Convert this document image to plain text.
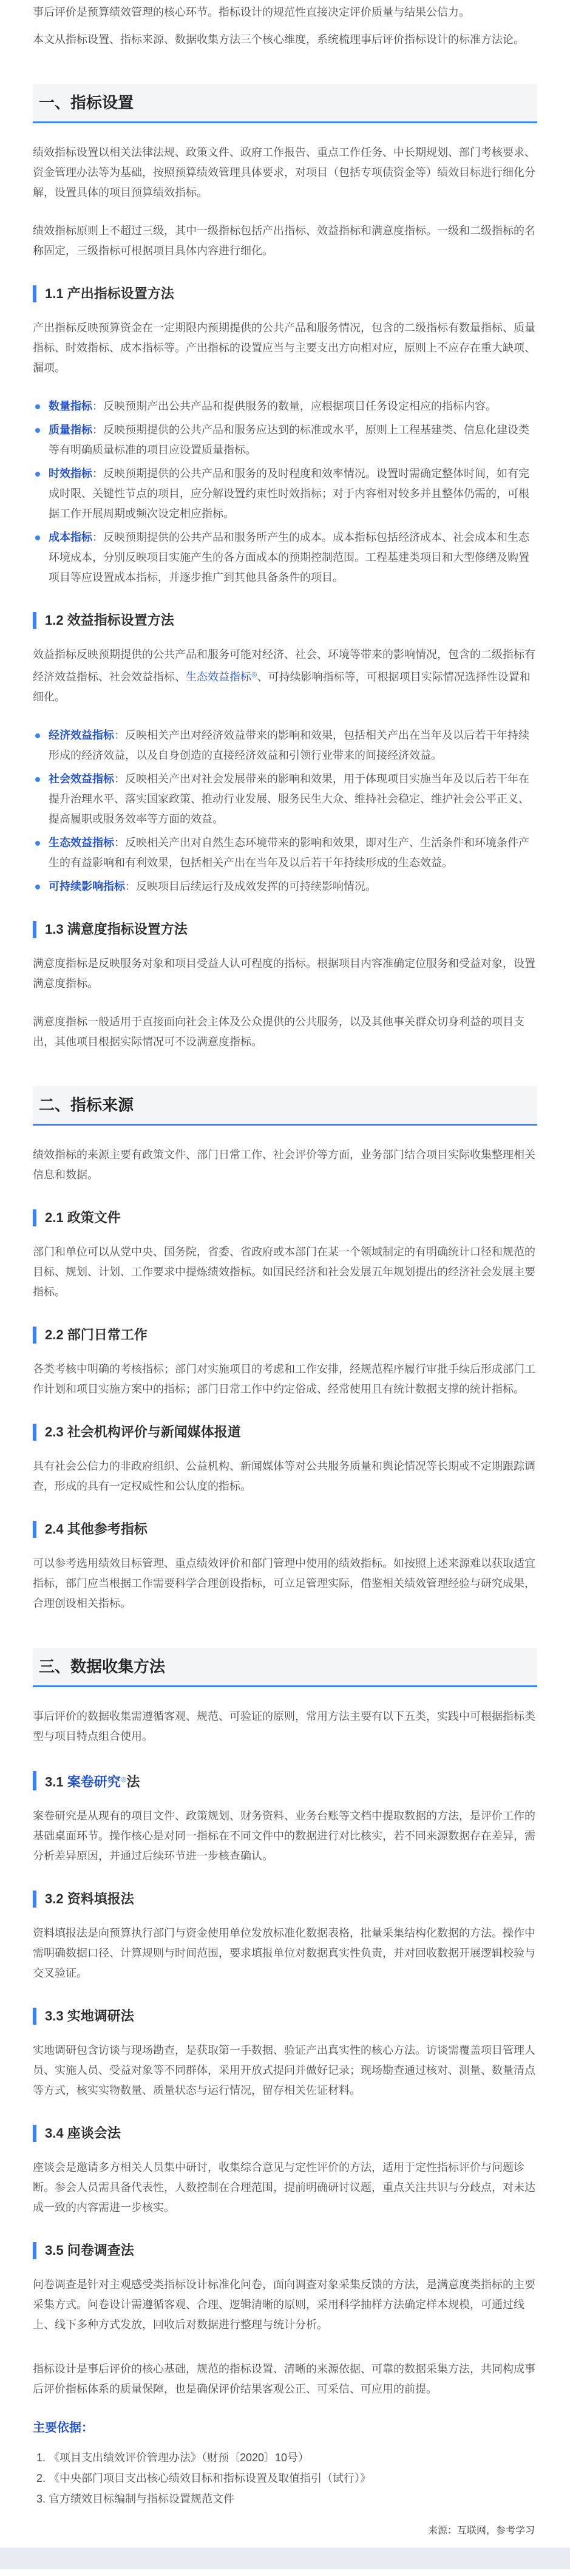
事后评价是预算绩效管理的核心环节。指标设计的规范性直接决定评价质量与结果公信力。

本文从指标设置、指标来源、数据收集方法三个核心维度，系统梳理事后评价指标设计的标准方法论。

一、指标设置

绩效指标设置以相关法律法规、政策文件、政府工作报告、重点工作任务、中长期规划、部门考核要求、资金管理办法等为基础，按照预算绩效管理具体要求，对项目（包括专项债资金等）绩效目标进行细化分解，设置具体的项目预算绩效指标。

绩效指标原则上不超过三级，其中一级指标包括产出指标、效益指标和满意度指标。一级和二级指标的名称固定，三级指标可根据项目具体内容进行细化。

1.1 产出指标设置方法

产出指标反映预算资金在一定期限内预期提供的公共产品和服务情况，包含的二级指标有数量指标、质量指标、时效指标、成本指标等。产出指标的设置应当与主要支出方向相对应，原则上不应存在重大缺项、漏项。

数量指标：反映预期产出公共产品和提供服务的数量，应根据项目任务设定相应的指标内容。
质量指标：反映预期提供的公共产品和服务应达到的标准或水平，原则上工程基建类、信息化建设类等有明确质量标准的项目应设置质量指标。
时效指标：反映预期提供的公共产品和服务的及时程度和效率情况。设置时需确定整体时间，如有完成时限、关键性节点的项目，应分解设置约束性时效指标；对于内容相对较多并且整体仍需的，可根据工作开展周期或频次设定相应指标。
成本指标：反映预期提供的公共产品和服务所产生的成本。成本指标包括经济成本、社会成本和生态环境成本，分别反映项目实施产生的各方面成本的预期控制范围。工程基建类项目和大型修缮及购置项目等应设置成本指标，并逐步推广到其他具备条件的项目。
1.2 效益指标设置方法

效益指标反映预期提供的公共产品和服务可能对经济、社会、环境等带来的影响情况，包含的二级指标有经济效益指标、社会效益指标、生态效益指标◎、可持续影响指标等，可根据项目实际情况选择性设置和细化。

经济效益指标：反映相关产出对经济效益带来的影响和效果，包括相关产出在当年及以后若干年持续形成的经济效益，以及自身创造的直接经济效益和引领行业带来的间接经济效益。
社会效益指标：反映相关产出对社会发展带来的影响和效果，用于体现项目实施当年及以后若干年在提升治理水平、落实国家政策、推动行业发展、服务民生大众、维持社会稳定、维护社会公平正义、提高履职或服务效率等方面的效益。
生态效益指标：反映相关产出对自然生态环境带来的影响和效果，即对生产、生活条件和环境条件产生的有益影响和有利效果，包括相关产出在当年及以后若干年持续形成的生态效益。
可持续影响指标：反映项目后续运行及成效发挥的可持续影响情况。
1.3 满意度指标设置方法

满意度指标是反映服务对象和项目受益人认可程度的指标。根据项目内容准确定位服务和受益对象，设置满意度指标。

满意度指标一般适用于直接面向社会主体及公众提供的公共服务，以及其他事关群众切身利益的项目支出，其他项目根据实际情况可不设满意度指标。

二、指标来源

绩效指标的来源主要有政策文件、部门日常工作、社会评价等方面，业务部门结合项目实际收集整理相关信息和数据。

2.1 政策文件

部门和单位可以从党中央、国务院，省委、省政府或本部门在某一个领域制定的有明确统计口径和规范的目标、规划、计划、工作要求中提炼绩效指标。如国民经济和社会发展五年规划提出的经济社会发展主要指标。

2.2 部门日常工作

各类考核中明确的考核指标；部门对实施项目的考虑和工作安排，经规范程序履行审批手续后形成部门工作计划和项目实施方案中的指标；部门日常工作中约定俗成、经常使用且有统计数据支撑的统计指标。

2.3 社会机构评价与新闻媒体报道

具有社会公信力的非政府组织、公益机构、新闻媒体等对公共服务质量和舆论情况等长期或不定期跟踪调查，形成的具有一定权威性和公认度的指标。

2.4 其他参考指标

可以参考选用绩效目标管理、重点绩效评价和部门管理中使用的绩效指标。如按照上述来源难以获取适宜指标，部门应当根据工作需要科学合理创设指标，可立足管理实际，借鉴相关绩效管理经验与研究成果，合理创设相关指标。

三、数据收集方法

事后评价的数据收集需遵循客观、规范、可验证的原则，常用方法主要有以下五类，实践中可根据指标类型与项目特点组合使用。

3.1 案卷研究◎法

案卷研究是从现有的项目文件、政策规划、财务资料、业务台账等文档中提取数据的方法，是评价工作的基础桌面环节。操作核心是对同一指标在不同文件中的数据进行对比核实，若不同来源数据存在差异，需分析差异原因，并通过后续环节进一步核查确认。

3.2 资料填报法

资料填报法是向预算执行部门与资金使用单位发放标准化数据表格，批量采集结构化数据的方法。操作中需明确数据口径、计算规则与时间范围，要求填报单位对数据真实性负责，并对回收数据开展逻辑校验与交叉验证。

3.3 实地调研法

实地调研包含访谈与现场勘查，是获取第一手数据、验证产出真实性的核心方法。访谈需覆盖项目管理人员、实施人员、受益对象等不同群体，采用开放式提问并做好记录；现场勘查通过核对、测量、数量清点等方式，核实实物数量、质量状态与运行情况，留存相关佐证材料。

3.4 座谈会法

座谈会是邀请多方相关人员集中研讨，收集综合意见与定性评价的方法，适用于定性指标评价与问题诊断。参会人员需具备代表性，人数控制在合理范围，提前明确研讨议题，重点关注共识与分歧点，对未达成一致的内容需进一步核实。

3.5 问卷调查法

问卷调查是针对主观感受类指标设计标准化问卷，面向调查对象采集反馈的方法，是满意度类指标的主要采集方式。问卷设计需遵循客观、合理、逻辑清晰的原则，采用科学抽样方法确定样本规模，可通过线上、线下多种方式发放，回收后对数据进行整理与统计分析。

指标设计是事后评价的核心基础，规范的指标设置、清晰的来源依据、可靠的数据采集方法，共同构成事后评价指标体系的质量保障，也是确保评价结果客观公正、可采信、可应用的前提。

主要依据：
1. 《项目支出绩效评价管理办法》（财预〔2020〕10号）
2. 《中央部门项目支出核心绩效目标和指标设置及取值指引（试行）》
3. 官方绩效目标编制与指标设置规范文件
来源：互联网，参考学习
